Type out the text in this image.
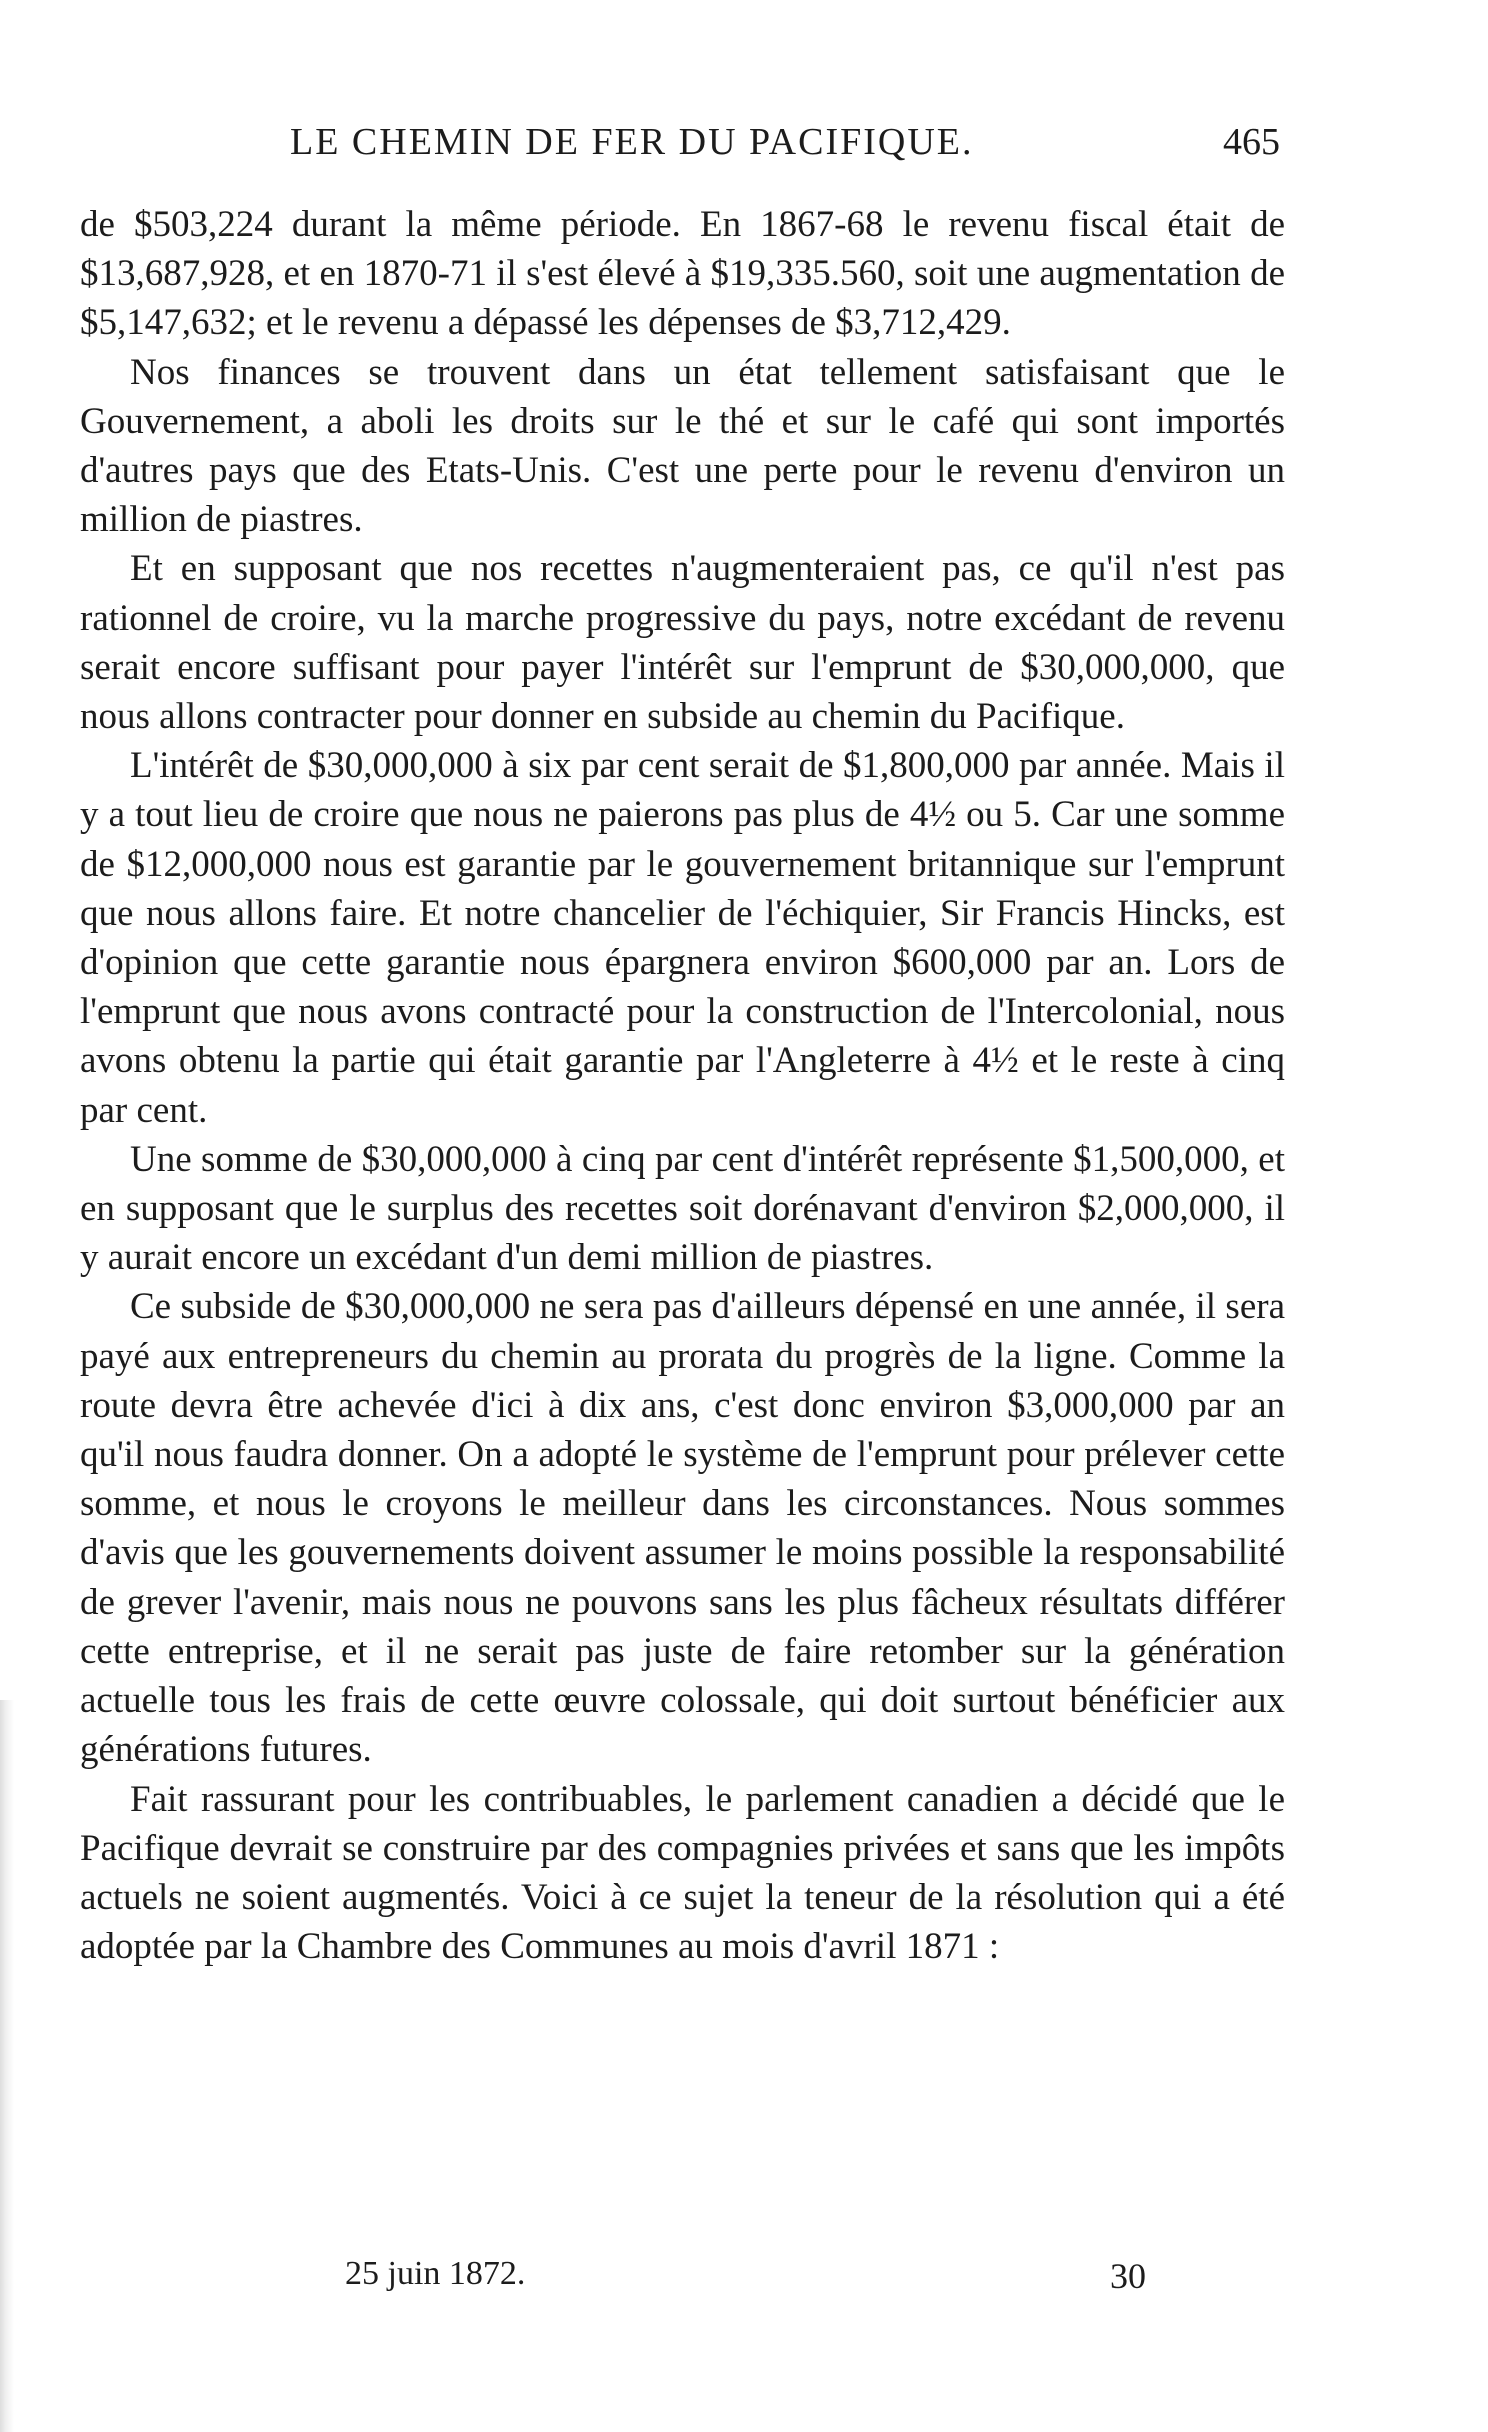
LE CHEMIN DE FER DU PACIFIQUE.	465

de $503,224 durant la même période. En 1867-68 le revenu fiscal était de $13,687,928, et en 1870-71 il s'est élevé à $19,335.560, soit une augmentation de $5,147,632; et le revenu a dépassé les dépenses de $3,712,429.

Nos finances se trouvent dans un état tellement satisfaisant que le Gouvernement, a aboli les droits sur le thé et sur le café qui sont importés d'autres pays que des Etats-Unis. C'est une perte pour le revenu d'environ un million de piastres.

Et en supposant que nos recettes n'augmenteraient pas, ce qu'il n'est pas rationnel de croire, vu la marche progressive du pays, notre excédant de revenu serait encore suffisant pour payer l'intérêt sur l'emprunt de $30,000,000, que nous allons contracter pour donner en subside au chemin du Pacifique.

L'intérêt de $30,000,000 à six par cent serait de $1,800,000 par année. Mais il y a tout lieu de croire que nous ne paierons pas plus de 4½ ou 5. Car une somme de $12,000,000 nous est garantie par le gouvernement britannique sur l'emprunt que nous allons faire. Et notre chancelier de l'échiquier, Sir Francis Hincks, est d'opinion que cette garantie nous épargnera environ $600,000 par an. Lors de l'emprunt que nous avons contracté pour la construction de l'Intercolonial, nous avons obtenu la partie qui était garantie par l'Angleterre à 4½ et le reste à cinq par cent.

Une somme de $30,000,000 à cinq par cent d'intérêt représente $1,500,000, et en supposant que le surplus des recettes soit dorénavant d'environ $2,000,000, il y aurait encore un excédant d'un demi million de piastres.

Ce subside de $30,000,000 ne sera pas d'ailleurs dépensé en une année, il sera payé aux entrepreneurs du chemin au prorata du progrès de la ligne. Comme la route devra être achevée d'ici à dix ans, c'est donc environ $3,000,000 par an qu'il nous faudra donner. On a adopté le système de l'emprunt pour prélever cette somme, et nous le croyons le meilleur dans les circonstances. Nous sommes d'avis que les gouvernements doivent assumer le moins possible la responsabilité de grever l'avenir, mais nous ne pouvons sans les plus fâcheux résultats différer cette entreprise, et il ne serait pas juste de faire retomber sur la génération actuelle tous les frais de cette œuvre colossale, qui doit surtout bénéficier aux générations futures.

Fait rassurant pour les contribuables, le parlement canadien a décidé que le Pacifique devrait se construire par des compagnies privées et sans que les impôts actuels ne soient augmentés. Voici à ce sujet la teneur de la résolution qui a été adoptée par la Chambre des Communes au mois d'avril 1871 :

25 juin 1872.	30
